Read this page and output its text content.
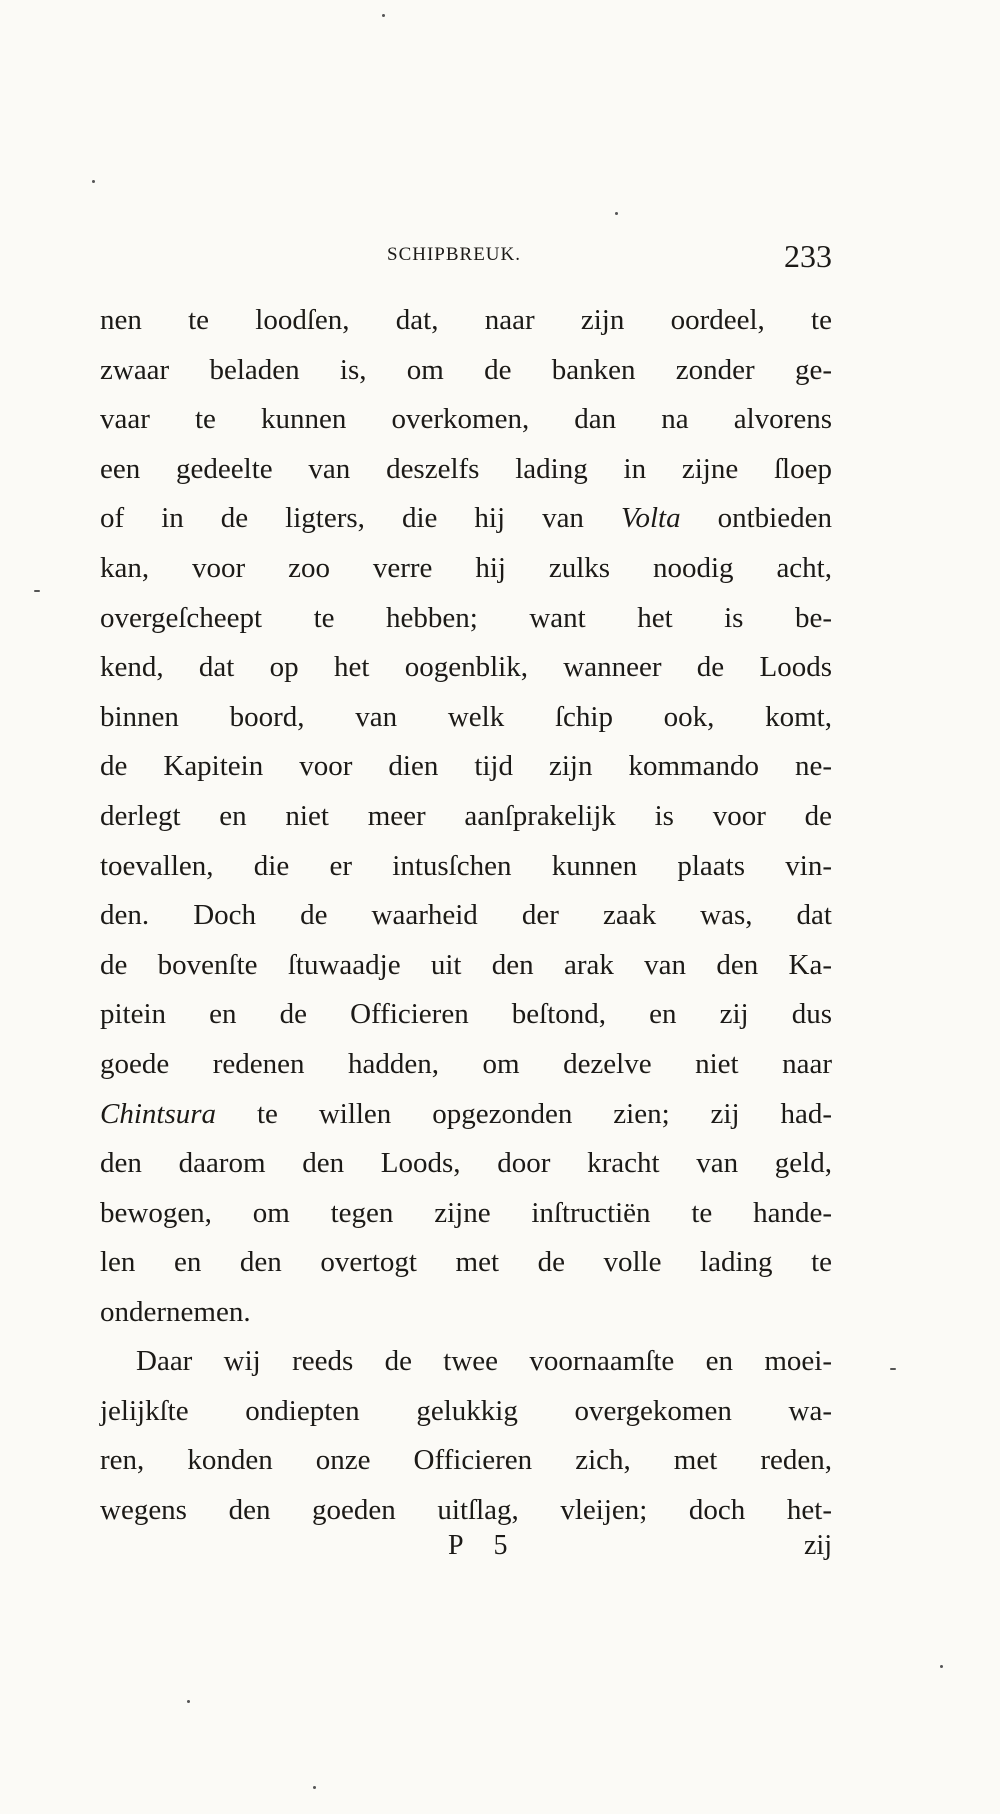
SCHIPBREUK.	233
nen te loodſen, dat, naar zijn oordeel, te
zwaar beladen is, om de banken zonder ge-
vaar te kunnen overkomen, dan na alvorens
een gedeelte van deszelfs lading in zijne ſloep
of in de ligters, die hij van Volta ontbieden
kan, voor zoo verre hij zulks noodig acht,
overgeſcheept te hebben; want het is be-
kend, dat op het oogenblik, wanneer de Loods
binnen boord, van welk ſchip ook, komt,
de Kapitein voor dien tijd zijn kommando ne-
derlegt en niet meer aanſprakelijk is voor de
toevallen, die er intusſchen kunnen plaats vin-
den. Doch de waarheid der zaak was, dat
de bovenſte ſtuwaadje uit den arak van den Ka-
pitein en de Officieren beſtond, en zij dus
goede redenen hadden, om dezelve niet naar
Chintsura te willen opgezonden zien; zij had-
den daarom den Loods, door kracht van geld,
bewogen, om tegen zijne inſtructiën te hande-
len en den overtogt met de volle lading te
ondernemen.
Daar wij reeds de twee voornaamſte en moei-
jelijkſte ondiepten gelukkig overgekomen wa-
ren, konden onze Officieren zich, met reden,
wegens den goeden uitſlag, vleijen; doch het-
P 5	zij
